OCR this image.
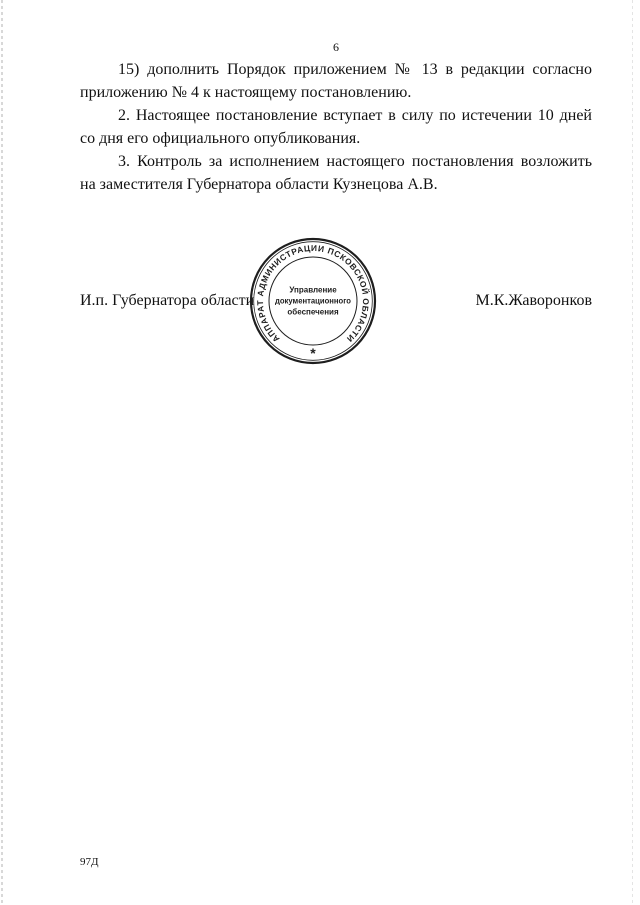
6
15) дополнить Порядок приложением № 13 в редакции согласно
приложению № 4 к настоящему постановлению.
2. Настоящее постановление вступает в силу по истечении 10 дней
со дня его официального опубликования.
3. Контроль за исполнением настоящего постановления возложить
на заместителя Губернатора области Кузнецова А.В.
И.п. Губернатора области	М.К.Жаворонков
АППАРАТ АДМИНИСТРАЦИИ ПСКОВСКОЙ ОБЛАСТИ
Управление
документационного
обеспечения
*
97Д
